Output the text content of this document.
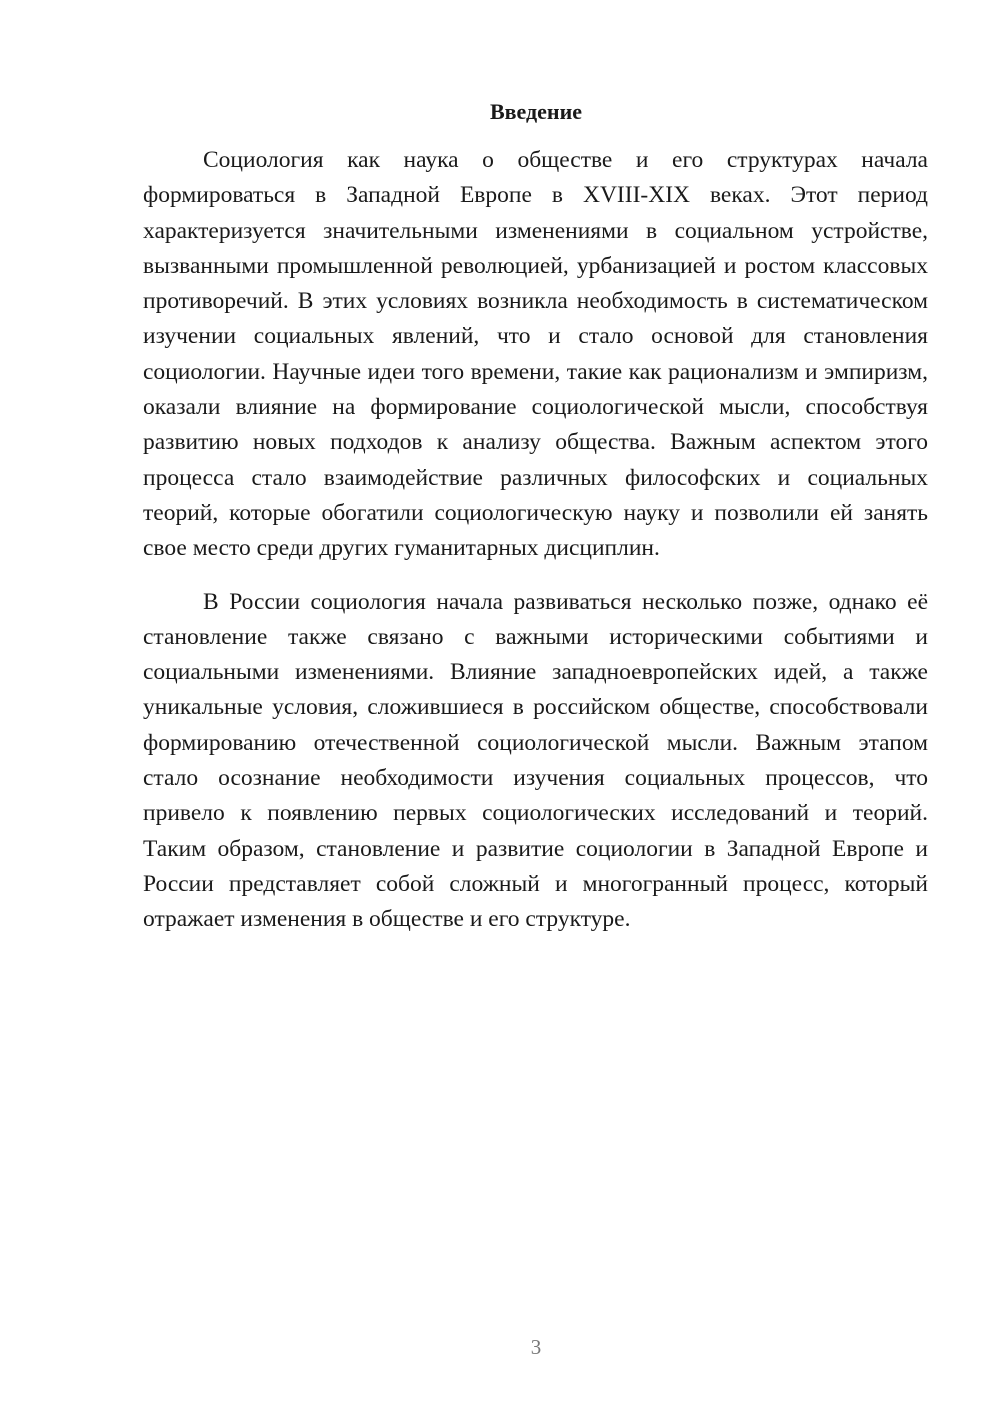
Введение

Социология как наука о обществе и его структурах начала формироваться в Западной Европе в XVIII-XIX веках. Этот период характеризуется значительными изменениями в социальном устройстве, вызванными промышленной революцией, урбанизацией и ростом классовых противоречий. В этих условиях возникла необходимость в систематическом изучении социальных явлений, что и стало основой для становления социологии. Научные идеи того времени, такие как рационализм и эмпиризм, оказали влияние на формирование социологической мысли, способствуя развитию новых подходов к анализу общества. Важным аспектом этого процесса стало взаимодействие различных философских и социальных теорий, которые обогатили социологическую науку и позволили ей занять свое место среди других гуманитарных дисциплин.

В России социология начала развиваться несколько позже, однако её становление также связано с важными историческими событиями и социальными изменениями. Влияние западноевропейских идей, а также уникальные условия, сложившиеся в российском обществе, способствовали формированию отечественной социологической мысли. Важным этапом стало осознание необходимости изучения социальных процессов, что привело к появлению первых социологических исследований и теорий. Таким образом, становление и развитие социологии в Западной Европе и России представляет собой сложный и многогранный процесс, который отражает изменения в обществе и его структуре.

3
